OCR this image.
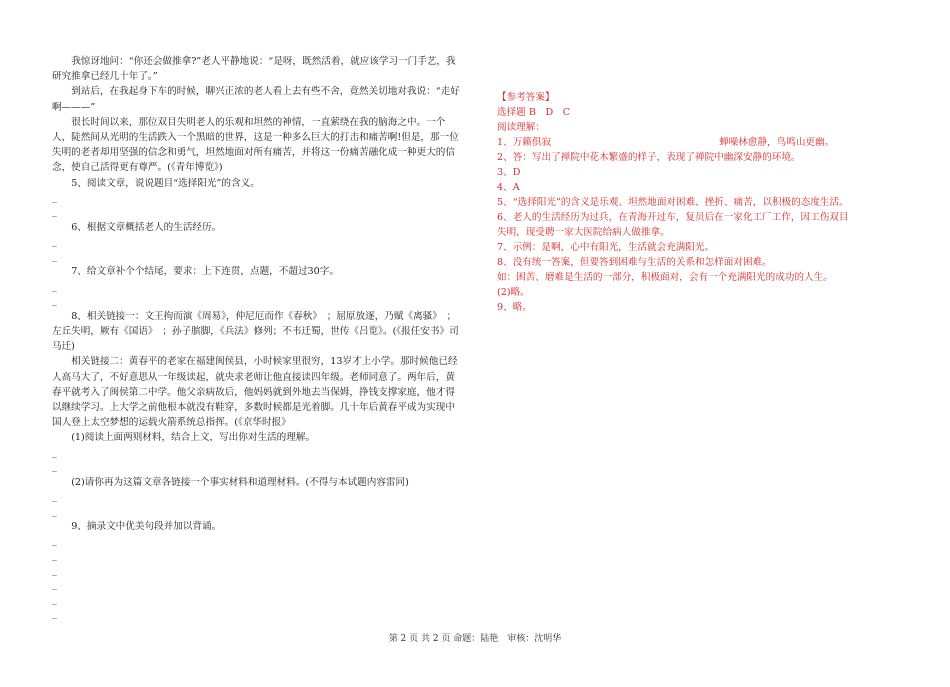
我惊讶地问：“你还会做推拿?”老人平静地说：“是呀，既然活着，就应该学习一门手艺，我研究推拿已经几十年了。”

到站后，在我起身下车的时候，聊兴正浓的老人看上去有些不舍，竟然关切地对我说：“走好啊———”

很长时间以来，那位双目失明老人的乐观和坦然的神情，一直萦绕在我的脑海之中。一个人，陡然间从光明的生活跌入一个黑暗的世界，这是一种多么巨大的打击和痛苦啊!但是，那一位失明的老者却用坚强的信念和勇气，坦然地面对所有痛苦，并将这一份痛苦融化成一种更大的信念，使自己活得更有尊严。(《青年博览》)

5、阅读文章，说说题目“选择阳光”的含义。

_

_

6、根据文章概括老人的生活经历。

_

_

7、给文章补个个结尾，要求：上下连贯，点题，不超过30字。

_

_

8、相关链接一：文王拘而演《周易》，仲尼厄而作《春秋》　；屈原放逐，乃赋《离骚》　；左丘失明，厥有《国语》　；孙子膑脚，《兵法》修列；不韦迁蜀，世传《吕览》。(《报任安书》司马迁)

相关链接二：黄春平的老家在福建闽侯县，小时候家里很穷，13岁才上小学。那时候他已经人高马大了，不好意思从一年级读起，就央求老师让他直接读四年级。老师同意了。两年后，黄春平就考入了闽侯第二中学。他父亲病故后，他妈妈就到外地去当保姆，挣钱支撑家庭，他才得以继续学习。上大学之前他根本就没有鞋穿，多数时候都是光着脚。几十年后黄春平成为实现中国人登上太空梦想的运载火箭系统总指挥。(《京华时报》

(1)阅读上面两则材料，结合上文，写出你对生活的理解。

_

_

(2)请你再为这篇文章各链接一个事实材料和道理材料。(不得与本试题内容雷同)

_

_

9、摘录文中优美句段并加以背诵。

_

_

_

_

_

_

【参考答案】

选择题 B　D　C

阅读理解：

1、万籁俱寂	蝉噪林愈静，鸟鸣山更幽。

2、答：写出了禅院中花木繁盛的样子，表现了禅院中幽深安静的环境。

3、D

4、A

5、“选择阳光”的含义是乐观、坦然地面对困难、挫折、痛苦，以积极的态度生活。

6、老人的生活经历为过兵，在青海开过车，复员后在一家化工厂工作，因工伤双目失明，现受聘一家大医院给病人做推拿。

7、示例：是啊，心中有阳光，生活就会充满阳光。

8、没有统一答案，但要答到困难与生活的关系和怎样面对困难。

如：困苦、磨难是生活的一部分，积极面对，会有一个充满阳光的成功的人生。

(2)略。

9、略。

第 2 页 共 2 页 命题：陆艳　审核：沈明华
